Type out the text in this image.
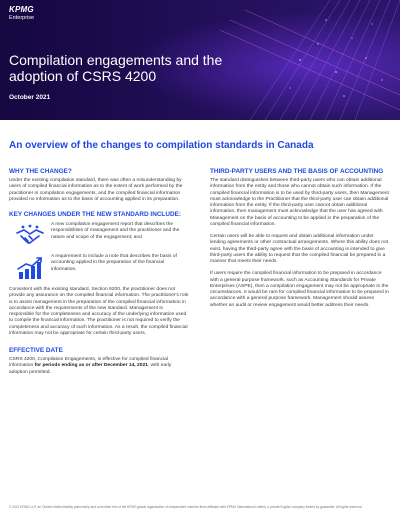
KPMG
Enterprise
Compilation engagements and the adoption of CSRS 4200
October 2021
An overview of the changes to compilation standards in Canada
WHY THE CHANGE?

Under the existing compilation standard, there was often a misunderstanding by users of compiled financial information as to the extent of work performed by the practitioner in compilation engagements, and the compiled financial information provided no information as to the basis of accounting applied in its preparation.

KEY CHANGES UNDER THE NEW STANDARD INCLUDE:
A new compilation engagement report that describes the responsibilities of management and the practitioner and the nature and scope of the engagement; and
A requirement to include a note that describes the basis of accounting applied in the preparation of the financial information.

Consistent with the existing standard, Section 9200, the practitioner does not provide any assurance on the compiled financial information. The practitioner's role is to assist management in the preparation of the compiled financial information in accordance with the requirements of the new standard. Management is responsible for the completeness and accuracy of the underlying information used to compile the financial information. The practitioner is not required to verify the completeness and accuracy of such information. As a result, the compiled financial information may not be appropriate for certain third-party users.

EFFECTIVE DATE

CSRS 4200, Compilation Engagements, is effective for compiled financial information for periods ending as or after December 14, 2021, with early adoption permitted.

THIRD-PARTY USERS AND THE BASIS OF ACCOUNTING

The standard distinguishes between third-party users who can obtain additional information from the entity and those who cannot obtain such information. If the compiled financial information is to be used by third-party users, then Management must acknowledge to the Practitioner that the third-party user can obtain additional information from the entity. If the third-party user cannot obtain additional information, then management must acknowledge that the user has agreed with Management on the basis of accounting to be applied in the preparation of the compiled financial information.

Certain users will be able to request and obtain additional information under lending agreements or other contractual arrangements. Where this ability does not exist, having the third-party agree with the basis of accounting is intended to give third-party users the ability to request that the compiled financial be prepared in a manner that meets their needs.

If users require the compiled financial information to be prepared in accordance with a general purpose framework, such as Accounting Standards for Private Enterprises (ASPE), then a compilation engagement may not be appropriate in the circumstances. It would be rare for compiled financial information to be prepared in accordance with a general purpose framework. Management should assess whether an audit or review engagement would better address their needs.

© 2021 KPMG LLP, an Ontario limited liability partnership and a member firm of the KPMG global organization of independent member firms affiliated with KPMG International Limited, a private English company limited by guarantee. All rights reserved.
